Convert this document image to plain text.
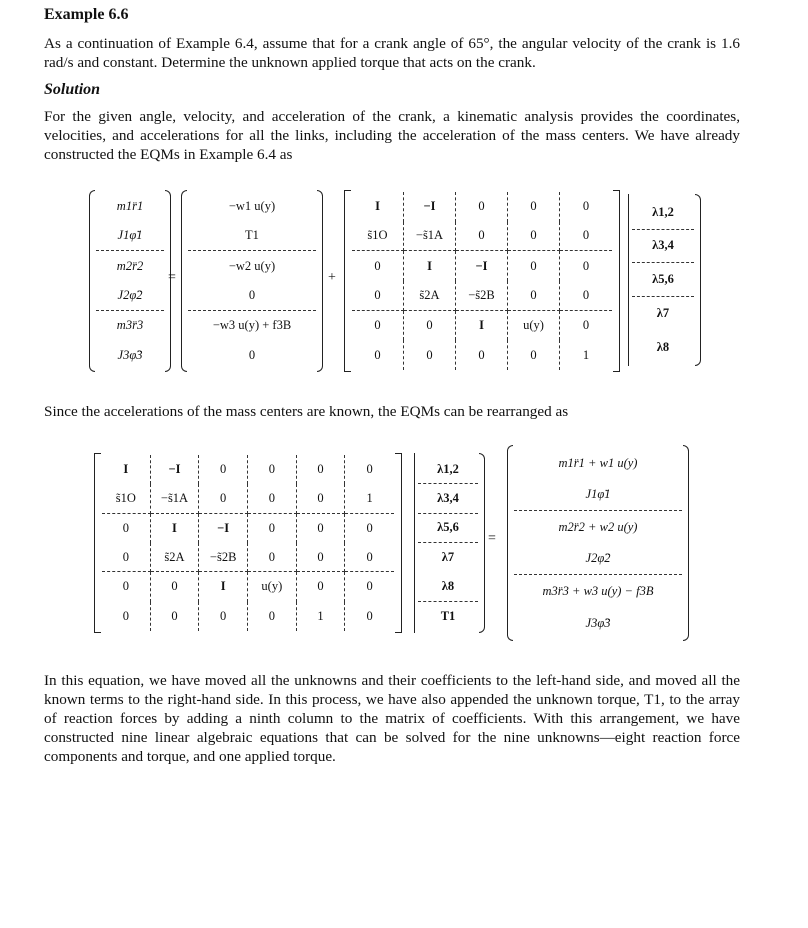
Example 6.6

As a continuation of Example 6.4, assume that for a crank angle of 65°, the angular velocity of the crank is 1.6 rad/s and constant. Determine the unknown applied torque that acts on the crank.

Solution

For the given angle, velocity, and acceleration of the crank, a kinematic analysis provides the coordinates, velocities, and accelerations for all the links, including the acceleration of the mass centers. We have already constructed the EQMs in Example 6.4 as

m1r̈1
J1φ̈1
m2r̈2
J2φ̈2
m3r̈3
J3φ̈3
=
−w1 u(y)
T1
−w2 u(y)
0
−w3 u(y) + f3B
0
+
I	−I	0	0	0
s̃1O	−s̃1A	0	0	0
0	I	−I	0	0
0	s̃2A	−s̃2B	0	0
0	0	I	u(y)	0
0	0	0	0	1
λ1,2
λ3,4
λ5,6
λ7
λ8

Since the accelerations of the mass centers are known, the EQMs can be rearranged as

I	−I	0	0	0	0
s̃1O	−s̃1A	0	0	0	1
0	I	−I	0	0	0
0	s̃2A	−s̃2B	0	0	0
0	0	I	u(y)	0	0
0	0	0	0	1	0
λ1,2
λ3,4
λ5,6
λ7
λ8
T1
=
m1r̈1 + w1 u(y)
J1φ̈1
m2r̈2 + w2 u(y)
J2φ̈2
m3r̈3 + w3 u(y) − f3B
J3φ̈3

In this equation, we have moved all the unknowns and their coefficients to the left-hand side, and moved all the known terms to the right-hand side. In this process, we have also appended the unknown torque, T1, to the array of reaction forces by adding a ninth column to the matrix of coefficients. With this arrangement, we have constructed nine linear algebraic equations that can be solved for the nine unknowns—eight reaction force components and torque, and one applied torque.
